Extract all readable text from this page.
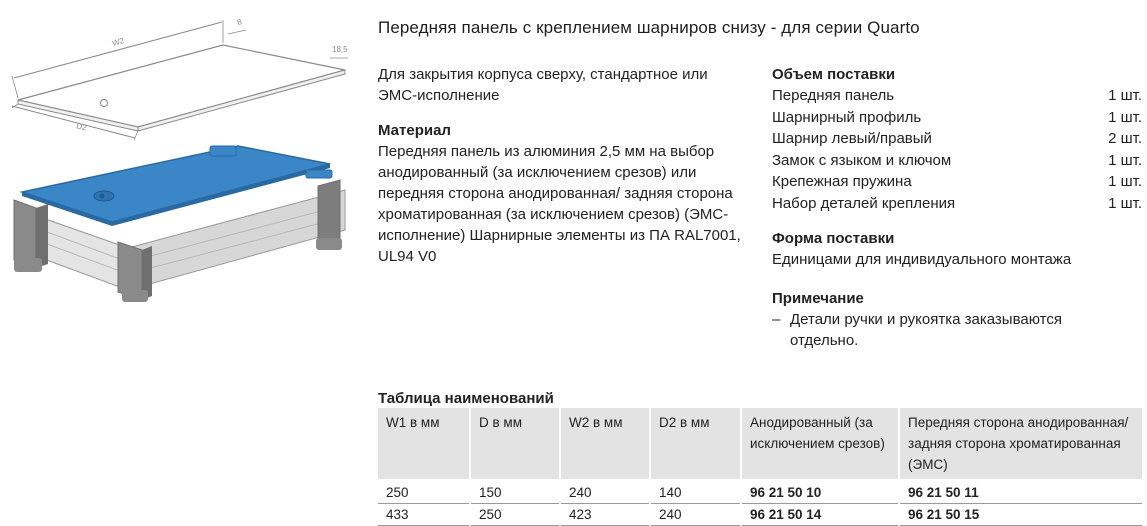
W2
8
18,5
D2
Передняя панель с креплением шарниров снизу - для серии Quarto
Для закрытия корпуса сверху, стандартное или ЭМС-исполнение
Материал
Передняя панель из алюминия 2,5 мм на выбор анодированный (за исключением срезов) или передняя сторона анодированная/ задняя сторона хроматированная (за исключением срезов) (ЭМС-исполнение) Шарнирные элементы из ПА RAL7001, UL94 V0
Объем поставки
Передняя панель	1 шт.
Шарнирный профиль	1 шт.
Шарнир левый/правый	2 шт.
Замок с языком и ключом	1 шт.
Крепежная пружина	1 шт.
Набор деталей крепления	1 шт.
Форма поставки
Единицами для индивидуального монтажа
Примечание
– Детали ручки и рукоятка заказываются отдельно.
Таблица наименований
W1 в мм	D в мм	W2 в мм	D2 в мм	Анодированный (за исключением срезов)	Передняя сторона анодированная/задняя сторона хроматированная (ЭМС)
250	150	240	140	96 21 50 10	96 21 50 11
433	250	423	240	96 21 50 14	96 21 50 15
